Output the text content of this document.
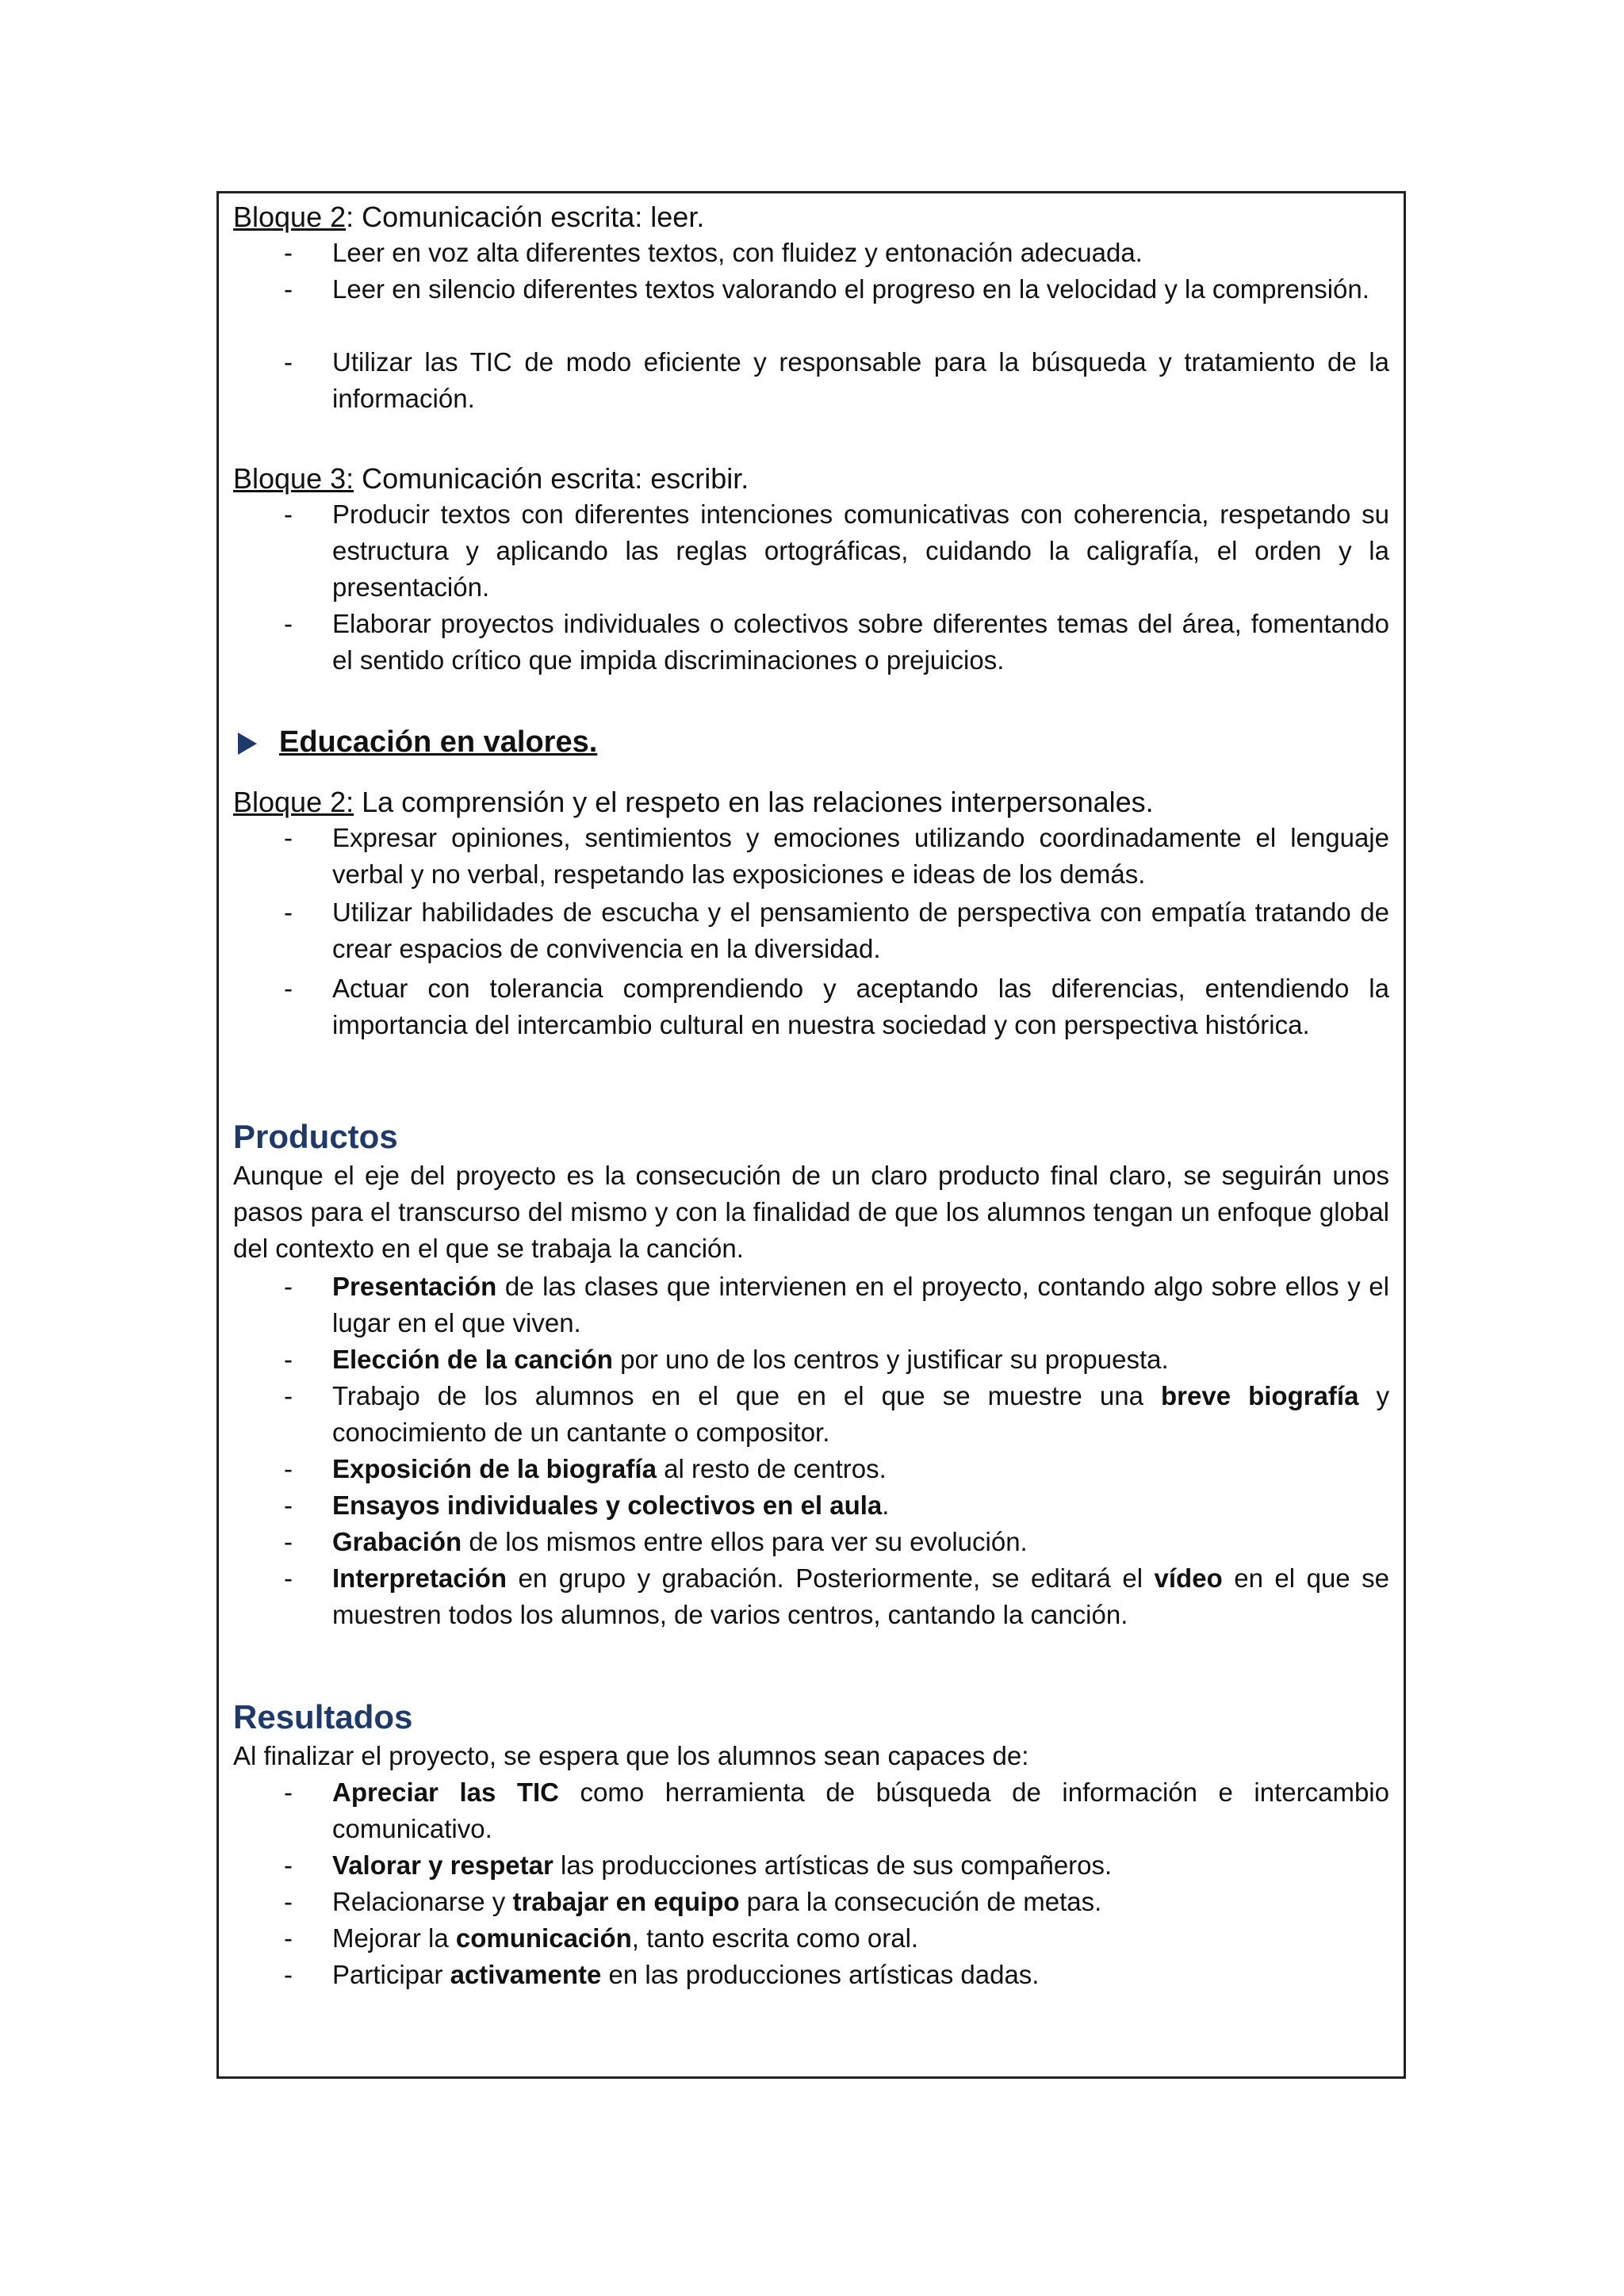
Bloque 2: Comunicación escrita: leer.
- Leer en voz alta diferentes textos, con fluidez y entonación adecuada.
- Leer en silencio diferentes textos valorando el progreso en la velocidad y la comprensión.
- Utilizar las TIC de modo eficiente y responsable para la búsqueda y tratamiento de la información.
Bloque 3: Comunicación escrita: escribir.
- Producir textos con diferentes intenciones comunicativas con coherencia, respetando su estructura y aplicando las reglas ortográficas, cuidando la caligrafía, el orden y la presentación.
- Elaborar proyectos individuales o colectivos sobre diferentes temas del área, fomentando el sentido crítico que impida discriminaciones o prejuicios.
Educación en valores.
Bloque 2: La comprensión y el respeto en las relaciones interpersonales.
- Expresar opiniones, sentimientos y emociones utilizando coordinadamente el lenguaje verbal y no verbal, respetando las exposiciones e ideas de los demás.
- Utilizar habilidades de escucha y el pensamiento de perspectiva con empatía tratando de crear espacios de convivencia en la diversidad.
- Actuar con tolerancia comprendiendo y aceptando las diferencias, entendiendo la importancia del intercambio cultural en nuestra sociedad y con perspectiva histórica.
Productos
Aunque el eje del proyecto es la consecución de un claro producto final claro, se seguirán unos pasos para el transcurso del mismo y con la finalidad de que los alumnos tengan un enfoque global del contexto en el que se trabaja la canción.
- Presentación de las clases que intervienen en el proyecto, contando algo sobre ellos y el lugar en el que viven.
- Elección de la canción por uno de los centros y justificar su propuesta.
- Trabajo de los alumnos en el que en el que se muestre una breve biografía y conocimiento de un cantante o compositor.
- Exposición de la biografía al resto de centros.
- Ensayos individuales y colectivos en el aula.
- Grabación de los mismos entre ellos para ver su evolución.
- Interpretación en grupo y grabación. Posteriormente, se editará el vídeo en el que se muestren todos los alumnos, de varios centros, cantando la canción.
Resultados
Al finalizar el proyecto, se espera que los alumnos sean capaces de:
- Apreciar las TIC como herramienta de búsqueda de información e intercambio comunicativo.
- Valorar y respetar las producciones artísticas de sus compañeros.
- Relacionarse y trabajar en equipo para la consecución de metas.
- Mejorar la comunicación, tanto escrita como oral.
- Participar activamente en las producciones artísticas dadas.
